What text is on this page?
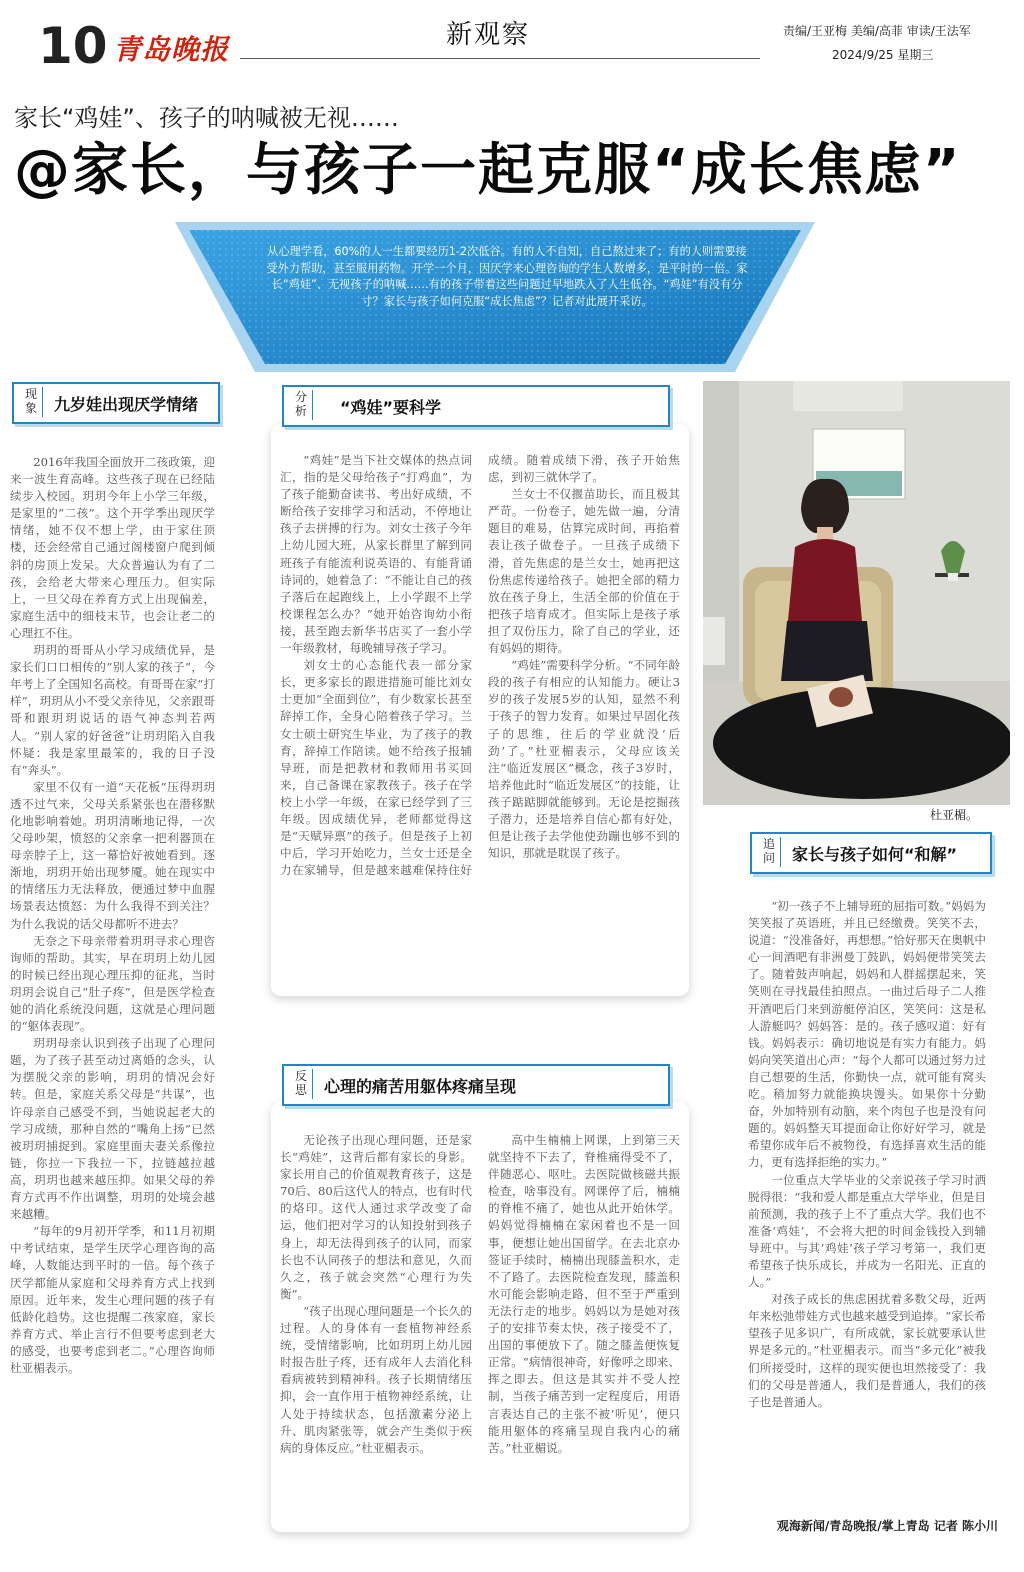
10 青岛晚报	新观察	责编/王亚梅 美编/高菲 审读/王法军
2024/9/25 星期三
家长“鸡娃”、孩子的呐喊被无视……
@家长，与孩子一起克服“成长焦虑”
从心理学看，60%的人一生都要经历1-2次低谷。有的人不自知，自己熬过来了；有的人则需要接受外力帮助，甚至服用药物。开学一个月，因厌学来心理咨询的学生人数增多，是平时的一倍。家长“鸡娃”、无视孩子的呐喊……有的孩子带着这些问题过早地跌入了人生低谷。“鸡娃”有没有分寸？家长与孩子如何克服“成长焦虑”？记者对此展开采访。
现象	九岁娃出现厌学情绪

2016年我国全面放开二孩政策，迎来一波生育高峰。这些孩子现在已经陆续步入校园。玥玥今年上小学三年级，是家里的“二孩”。这个开学季出现厌学情绪，她不仅不想上学，由于家住顶楼，还会经常自己通过阁楼窗户爬到倾斜的房顶上发呆。大众普遍认为有了二孩，会给老大带来心理压力。但实际上，一旦父母在养育方式上出现偏差，家庭生活中的细枝末节，也会让老二的心理扛不住。

玥玥的哥哥从小学习成绩优异，是家长们口口相传的“别人家的孩子”，今年考上了全国知名高校。有哥哥在家“打样”，玥玥从小不受父亲待见，父亲跟哥哥和跟玥玥说话的语气神态判若两人。“别人家的好爸爸”让玥玥陷入自我怀疑：我是家里最笨的，我的日子没有“奔头”。

家里不仅有一道“天花板”压得玥玥透不过气来，父母关系紧张也在潜移默化地影响着她。玥玥清晰地记得，一次父母吵架，愤怒的父亲拿一把利器顶在母亲脖子上，这一幕恰好被她看到。逐渐地，玥玥开始出现梦魇。她在现实中的情绪压力无法释放，便通过梦中血腥场景表达愤怒：为什么我得不到关注？为什么我说的话父母都听不进去？

无奈之下母亲带着玥玥寻求心理咨询师的帮助。其实，早在玥玥上幼儿园的时候已经出现心理压抑的征兆，当时玥玥会说自己“肚子疼”，但是医学检查她的消化系统没问题，这就是心理问题的“躯体表现”。

玥玥母亲认识到孩子出现了心理问题，为了孩子甚至动过离婚的念头，认为摆脱父亲的影响，玥玥的情况会好转。但是，家庭关系父母是“共谋”，也许母亲自己感受不到，当她说起老大的学习成绩，那种自然的“嘴角上扬”已然被玥玥捕捉到。家庭里面夫妻关系像拉链，你拉一下我拉一下，拉链越拉越高，玥玥也越来越压抑。如果父母的养育方式再不作出调整，玥玥的处境会越来越糟。

“每年的9月初开学季，和11月初期中考试结束，是学生厌学心理咨询的高峰，人数能达到平时的一倍。每个孩子厌学都能从家庭和父母养育方式上找到原因。近年来，发生心理问题的孩子有低龄化趋势。这也提醒二孩家庭，家长养育方式、举止言行不但要考虑到老大的感受，也要考虑到老二。”心理咨询师杜亚楣表示。

分析	“鸡娃”要科学

“鸡娃”是当下社交媒体的热点词汇，指的是父母给孩子“打鸡血”，为了孩子能勤奋读书、考出好成绩，不断给孩子安排学习和活动，不停地让孩子去拼搏的行为。刘女士孩子今年上幼儿园大班，从家长群里了解到同班孩子有能流利说英语的、有能背诵诗词的，她着急了：“不能让自己的孩子落后在起跑线上，上小学跟不上学校课程怎么办？”她开始咨询幼小衔接，甚至跑去新华书店买了一套小学一年级教材，每晚辅导孩子学习。

刘女士的心态能代表一部分家长，更多家长的跟进措施可能比刘女士更加“全面到位”，有少数家长甚至辞掉工作，全身心陪着孩子学习。兰女士硕士研究生毕业，为了孩子的教育，辞掉工作陪读。她不给孩子报辅导班，而是把教材和教师用书买回来，自己备课在家教孩子。孩子在学校上小学一年级，在家已经学到了三年级。因成绩优异，老师都觉得这是“天赋异禀”的孩子。但是孩子上初中后，学习开始吃力，兰女士还是全力在家辅导，但是越来越难保持住好成绩。随着成绩下滑，孩子开始焦虑，到初三就休学了。

兰女士不仅揠苗助长，而且极其严苛。一份卷子，她先做一遍，分清题目的难易，估算完成时间，再掐着表让孩子做卷子。一旦孩子成绩下滑，首先焦虑的是兰女士，她再把这份焦虑传递给孩子。她把全部的精力放在孩子身上，生活全部的价值在于把孩子培育成才。但实际上是孩子承担了双份压力，除了自己的学业，还有妈妈的期待。

“鸡娃”需要科学分析。“不同年龄段的孩子有相应的认知能力。硬让3岁的孩子发展5岁的认知，显然不利于孩子的智力发育。如果过早固化孩子的思维，往后的学业就没‘后劲’了。”杜亚楣表示，父母应该关注“临近发展区”概念，孩子3岁时，培养他此时“临近发展区”的技能，让孩子踮踮脚就能够到。无论是挖掘孩子潜力，还是培养自信心都有好处，但是让孩子去学他使劲蹦也够不到的知识，那就是耽误了孩子。

反思	心理的痛苦用躯体疼痛呈现

无论孩子出现心理问题，还是家长“鸡娃”，这背后都有家长的身影。家长用自己的价值观教育孩子，这是70后、80后这代人的特点，也有时代的烙印。这代人通过求学改变了命运，他们把对学习的认知投射到孩子身上，却无法得到孩子的认同，而家长也不认同孩子的想法和意见，久而久之，孩子就会突然“心理行为失衡”。

“孩子出现心理问题是一个长久的过程。人的身体有一套植物神经系统，受情绪影响，比如玥玥上幼儿园时报告肚子疼，还有成年人去消化科看病被转到精神科。孩子长期情绪压抑，会一直作用于植物神经系统，让人处于持续状态，包括激素分泌上升、肌肉紧张等，就会产生类似于疾病的身体反应。”杜亚楣表示。

高中生楠楠上网课，上到第三天就坚持不下去了，脊椎痛得受不了，伴随恶心、呕吐。去医院做核磁共振检查，啥事没有。网课停了后，楠楠的脊椎不痛了，她也从此开始休学。妈妈觉得楠楠在家闲着也不是一回事，便想让她出国留学。在去北京办签证手续时，楠楠出现膝盖积水，走不了路了。去医院检查发现，膝盖积水可能会影响走路，但不至于严重到无法行走的地步。妈妈以为是她对孩子的安排节奏太快，孩子接受不了，出国的事便放下了。随之膝盖便恢复正常。“病情很神奇，好像呼之即来、挥之即去。但这是其实并不受人控制，当孩子痛苦到一定程度后，用语言表达自己的主张不被‘听见’，便只能用躯体的疼痛呈现自我内心的痛苦。”杜亚楣说。

杜亚楣。
追问	家长与孩子如何“和解”

“初一孩子不上辅导班的屈指可数。”妈妈为笑笑报了英语班，并且已经缴费。笑笑不去，说道：“没准备好，再想想。”恰好那天在奥帆中心一间酒吧有非洲曼丁鼓趴，妈妈便带笑笑去了。随着鼓声响起，妈妈和人群摇摆起来，笑笑则在寻找最佳拍照点。一曲过后母子二人推开酒吧后门来到游艇停泊区，笑笑问：这是私人游艇吗？妈妈答：是的。孩子感叹道：好有钱。妈妈表示：确切地说是有实力有能力。妈妈向笑笑道出心声：“每个人都可以通过努力过自己想要的生活，你勤快一点，就可能有窝头吃。稍加努力就能换块馒头。如果你十分勤奋，外加特别有动脑，来个肉包子也是没有问题的。妈妈整天耳提面命让你好好学习，就是希望你成年后不被物役，有选择喜欢生活的能力，更有选择拒绝的实力。”

一位重点大学毕业的父亲说孩子学习时洒脱得很：“我和爱人都是重点大学毕业，但是目前预测，我的孩子上不了重点大学。我们也不准备‘鸡娃’，不会将大把的时间金钱投入到辅导班中。与其‘鸡娃’孩子学习考第一，我们更希望孩子快乐成长，并成为一名阳光、正直的人。”

对孩子成长的焦虑困扰着多数父母，近两年来松弛带娃方式也越来越受到追捧。“家长希望孩子见多识广，有所成就，家长就要承认世界是多元的。”杜亚楣表示。而当“多元化”被我们所接受时，这样的现实便也坦然接受了：我们的父母是普通人，我们是普通人，我们的孩子也是普通人。

观海新闻/青岛晚报/掌上青岛 记者 陈小川
